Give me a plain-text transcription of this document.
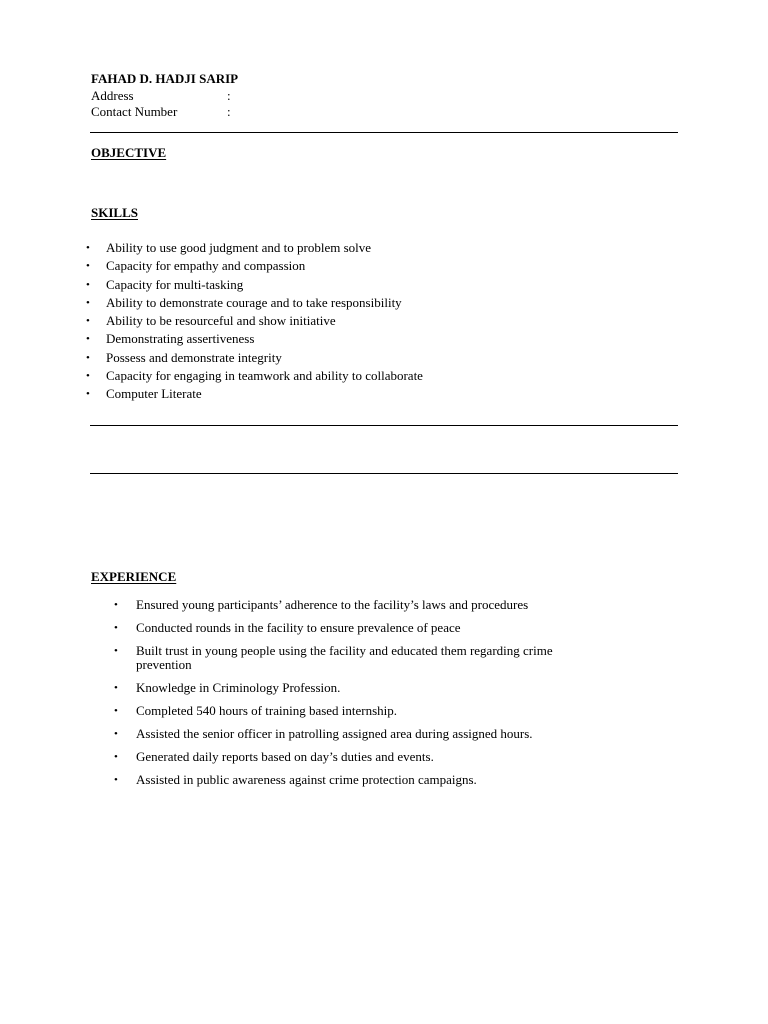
FAHAD D. HADJI SARIP
Address	:
Contact Number	:
OBJECTIVE
SKILLS
• Ability to use good judgment and to problem solve
• Capacity for empathy and compassion
• Capacity for multi-tasking
• Ability to demonstrate courage and to take responsibility
• Ability to be resourceful and show initiative
• Demonstrating assertiveness
• Possess and demonstrate integrity
• Capacity for engaging in teamwork and ability to collaborate
• Computer Literate
EXPERIENCE
• Ensured young participants’ adherence to the facility’s laws and procedures
• Conducted rounds in the facility to ensure prevalence of peace
• Built trust in young people using the facility and educated them regarding crime prevention
• Knowledge in Criminology Profession.
• Completed 540 hours of training based internship.
• Assisted the senior officer in patrolling assigned area during assigned hours.
• Generated daily reports based on day’s duties and events.
• Assisted in public awareness against crime protection campaigns.
